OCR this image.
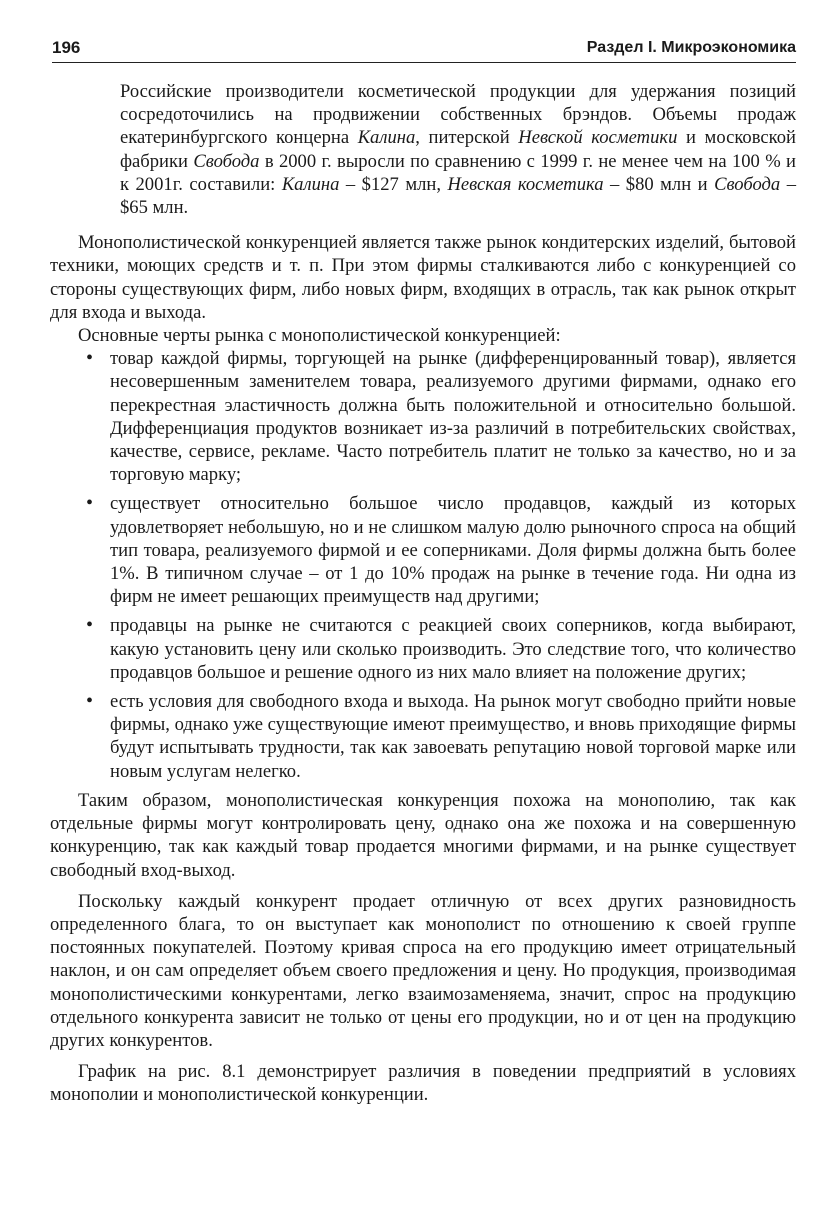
196	Раздел I. Микроэкономика

Российские производители косметической продукции для удержания позиций сосредоточились на продвижении собственных брэндов. Объемы продаж екатеринбургского концерна Калина, питерской Невской косметики и московской фабрики Свобода в 2000 г. выросли по сравнению с 1999 г. не менее чем на 100 % и к 2001г. составили: Калина – $127 млн, Невская косметика – $80 млн и Свобода – $65 млн.

Монополистической конкуренцией является также рынок кондитерских изделий, бытовой техники, моющих средств и т. п. При этом фирмы сталкиваются либо с конкуренцией со стороны существующих фирм, либо новых фирм, входящих в отрасль, так как рынок открыт для входа и выхода.

Основные черты рынка с монополистической конкуренцией:

• товар каждой фирмы, торгующей на рынке (дифференцированный товар), является несовершенным заменителем товара, реализуемого другими фирмами, однако его перекрестная эластичность должна быть положительной и относительно большой. Дифференциация продуктов возникает из-за различий в потребительских свойствах, качестве, сервисе, рекламе. Часто потребитель платит не только за качество, но и за торговую марку;
• существует относительно большое число продавцов, каждый из которых удовлетворяет небольшую, но и не слишком малую долю рыночного спроса на общий тип товара, реализуемого фирмой и ее соперниками. Доля фирмы должна быть более 1%. В типичном случае – от 1 до 10% продаж на рынке в течение года. Ни одна из фирм не имеет решающих преимуществ над другими;
• продавцы на рынке не считаются с реакцией своих соперников, когда выбирают, какую установить цену или сколько производить. Это следствие того, что количество продавцов большое и решение одного из них мало влияет на положение других;
• есть условия для свободного входа и выхода. На рынок могут свободно прийти новые фирмы, однако уже существующие имеют преимущество, и вновь приходящие фирмы будут испытывать трудности, так как завоевать репутацию новой торговой марке или новым услугам нелегко.

Таким образом, монополистическая конкуренция похожа на монополию, так как отдельные фирмы могут контролировать цену, однако она же похожа и на совершенную конкуренцию, так как каждый товар продается многими фирмами, и на рынке существует свободный вход-выход.

Поскольку каждый конкурент продает отличную от всех других разновидность определенного блага, то он выступает как монополист по отношению к своей группе постоянных покупателей. Поэтому кривая спроса на его продукцию имеет отрицательный наклон, и он сам определяет объем своего предложения и цену. Но продукция, производимая монополистическими конкурентами, легко взаимозаменяема, значит, спрос на продукцию отдельного конкурента зависит не только от цены его продукции, но и от цен на продукцию других конкурентов.

График на рис. 8.1 демонстрирует различия в поведении предприятий в условиях монополии и монополистической конкуренции.
